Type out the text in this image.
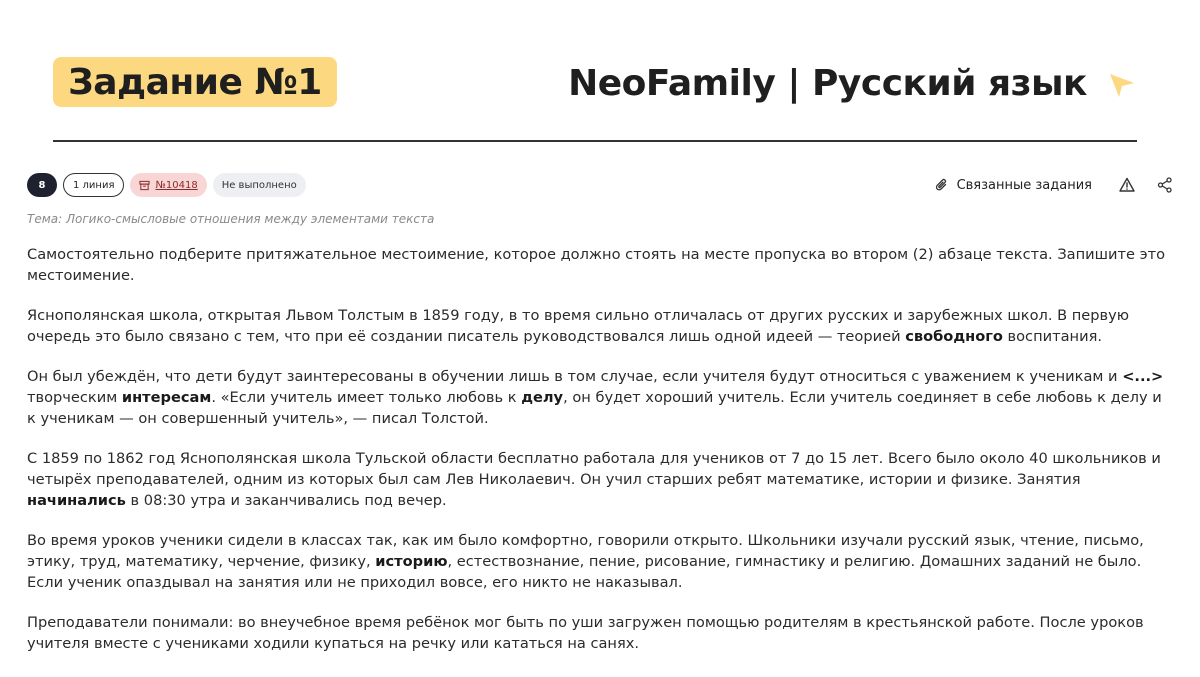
Задание №1	NeoFamily | Русский язык
8	1 линия	№10418	Не выполнено	Связанные задания
Тема: Логико-смысловые отношения между элементами текста

Самостоятельно подберите притяжательное местоимение, которое должно стоять на месте пропуска во втором (2) абзаце текста. Запишите это местоимение.

Яснополянская школа, открытая Львом Толстым в 1859 году, в то время сильно отличалась от других русских и зарубежных школ. В первую очередь это было связано с тем, что при её создании писатель руководствовался лишь одной идеей — теорией свободного воспитания.

Он был убеждён, что дети будут заинтересованы в обучении лишь в том случае, если учителя будут относиться с уважением к ученикам и <...> творческим интересам. «Если учитель имеет только любовь к делу, он будет хороший учитель. Если учитель соединяет в себе любовь к делу и к ученикам — он совершенный учитель», — писал Толстой.

С 1859 по 1862 год Яснополянская школа Тульской области бесплатно работала для учеников от 7 до 15 лет. Всего было около 40 школьников и четырёх преподавателей, одним из которых был сам Лев Николаевич. Он учил старших ребят математике, истории и физике. Занятия начинались в 08:30 утра и заканчивались под вечер.

Во время уроков ученики сидели в классах так, как им было комфортно, говорили открыто. Школьники изучали русский язык, чтение, письмо, этику, труд, математику, черчение, физику, историю, естествознание, пение, рисование, гимнастику и религию. Домашних заданий не было. Если ученик опаздывал на занятия или не приходил вовсе, его никто не наказывал.

Преподаватели понимали: во внеучебное время ребёнок мог быть по уши загружен помощью родителям в крестьянской работе. После уроков учителя вместе с учениками ходили купаться на речку или кататься на санях.
